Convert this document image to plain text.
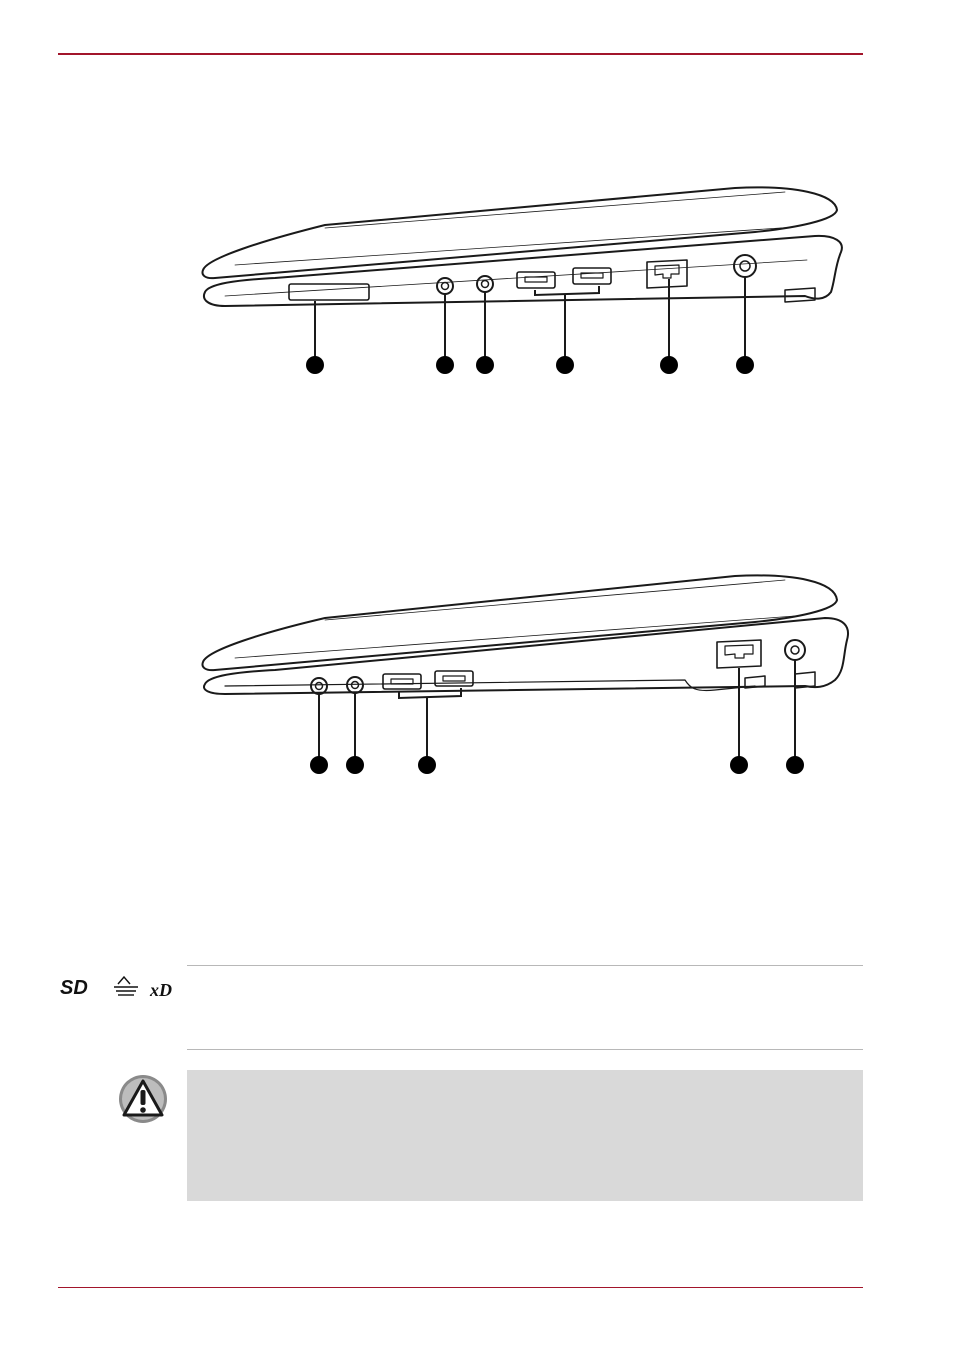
SD	xD
